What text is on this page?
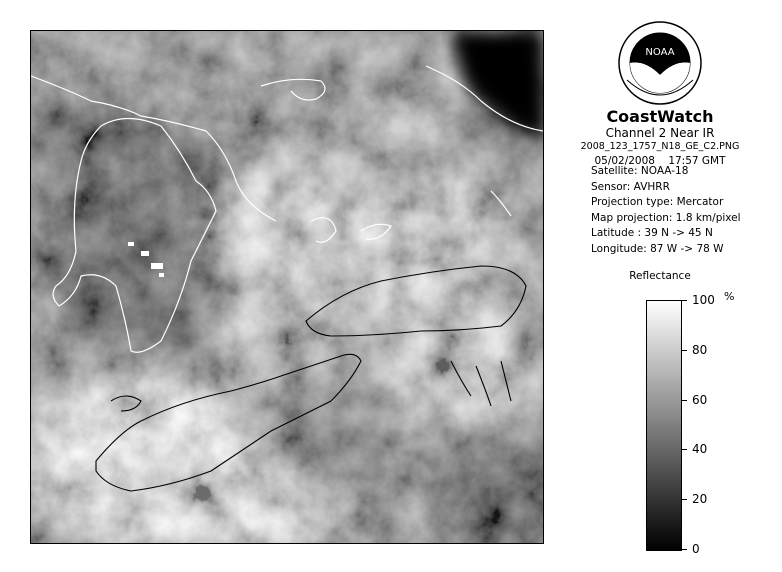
NOAA
CoastWatch
Channel 2 Near IR
2008_123_1757_N18_GE_C2.PNG
05/02/2008    17:57 GMT
Satellite: NOAA-18
Sensor: AVHRR
Projection type: Mercator
Map projection: 1.8 km/pixel
Latitude : 39 N -> 45 N
Longitude: 87 W -> 78 W
Reflectance
%
100
80
60
40
20
0
